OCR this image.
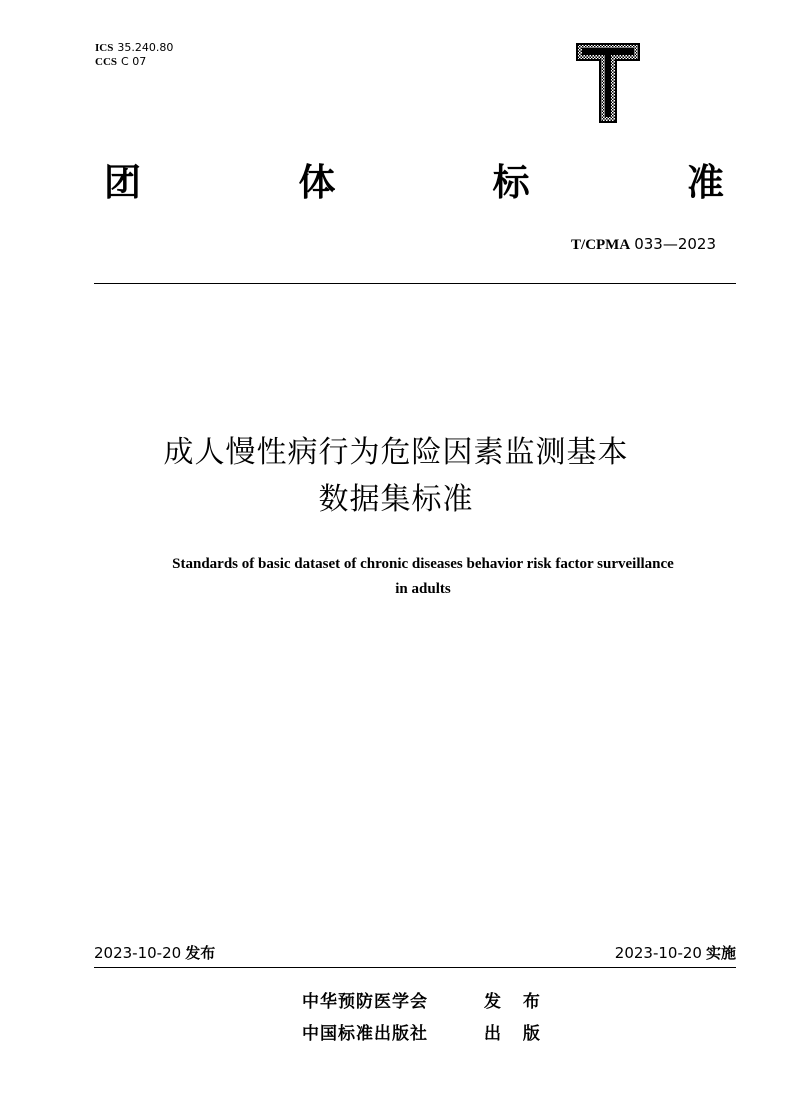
ICS 35.240.80
CCS C 07
团	体	标	准
T/CPMA 033—2023
成人慢性病行为危险因素监测基本
数据集标准
Standards of basic dataset of chronic diseases behavior risk factor surveillance
in adults
2023-10-20 发布	2023-10-20 实施
中华预防医学会	发 布
中国标准出版社	出 版
